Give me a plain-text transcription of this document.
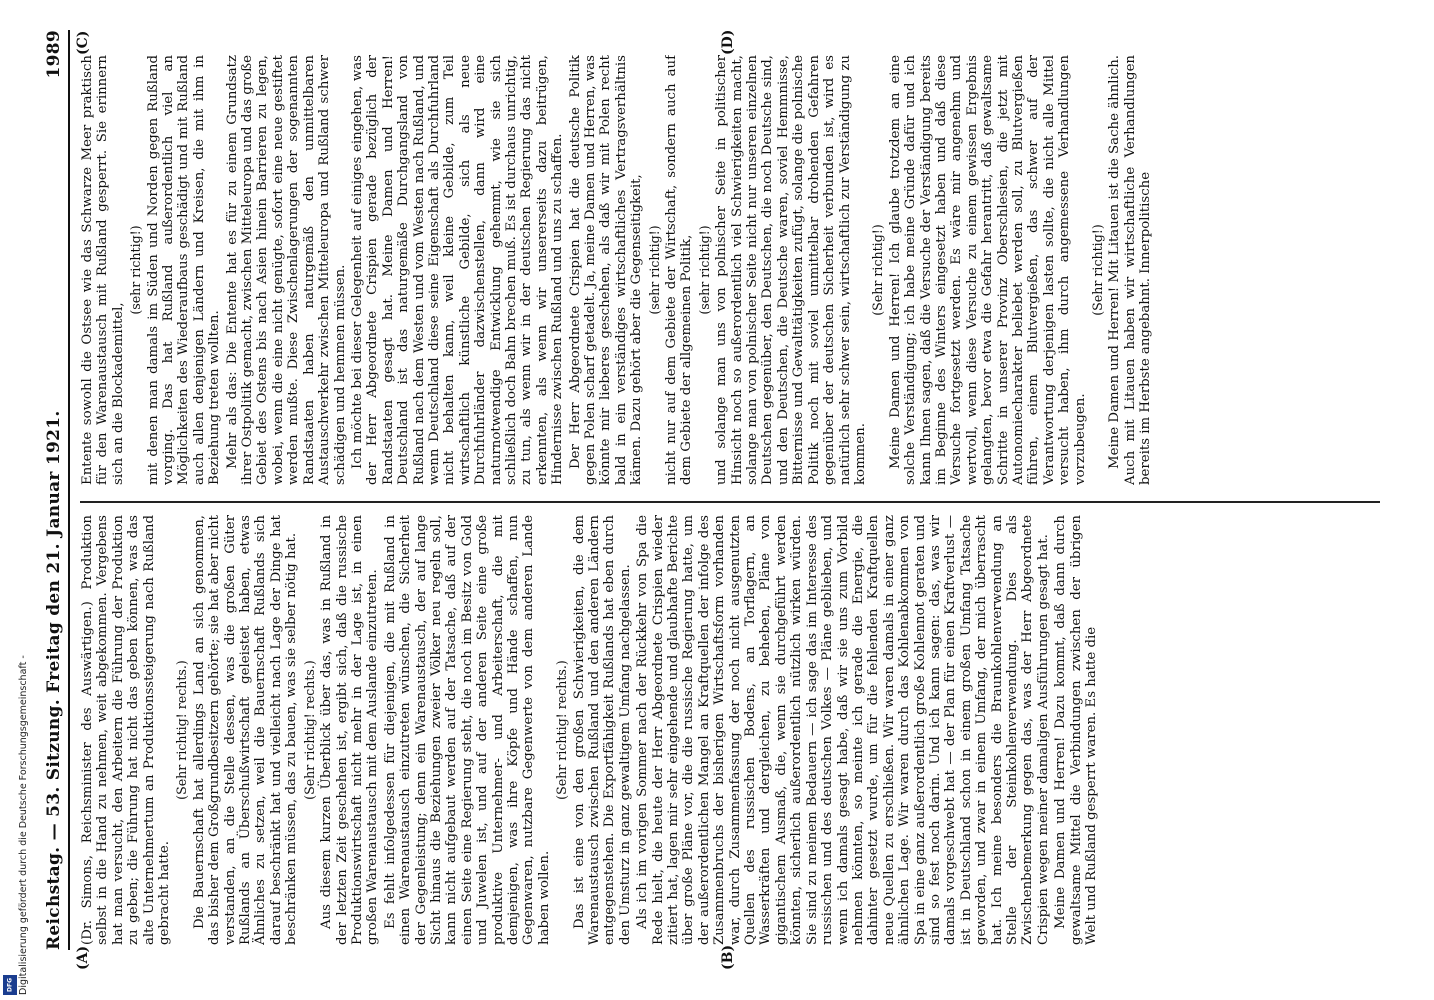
Reichstag. — 53. Sitzung. Freitag den 21. Januar 1921.
1989
(A)	(B)
(C)	(D)

(Dr. Simons, Reichsminister des Auswärtigen.) Produktion selbst in die Hand zu nehmen, weit abgekommen. Vergebens hat man versucht, den Arbeitern die Führung der Produktion zu geben; die Führung hat nicht das geben können, was das alte Unternehmertum an Produktionssteigerung nach Rußland gebracht hatte.

(Sehr richtig! rechts.) Die Bauernschaft hat allerdings Land an sich genommen, das bisher dem Großgrundbesitzern gehörte; sie hat aber nicht verstanden, an die Stelle dessen, was die großen Güter Rußlands an Überschußwirtschaft geleistet haben, etwas Ähnliches zu setzen, weil die Bauernschaft Rußlands sich darauf beschränkt hat und vielleicht nach Lage der Dinge hat beschränken müssen, das zu bauen, was sie selber nötig hat. (Sehr richtig! rechts.) Aus diesem kurzen Überblick über das, was in Rußland in der letzten Zeit geschehen ist, ergibt sich, daß die russische Produktionswirtschaft nicht mehr in der Lage ist, in einen großen Warenaustausch mit dem Auslande einzutreten. Es fehlt infolgedessen für diejenigen, die mit Rußland in einen Warenaustausch einzutreten wünschen, die Sicherheit der Gegenleistung; denn ein Warenaustausch, der auf lange Sicht hinaus die Beziehungen zweier Völker neu regeln soll, kann nicht aufgebaut werden auf der Tatsache, daß auf der einen Seite eine Regierung steht, die noch im Besitz von Gold und Juwelen ist, und auf der anderen Seite eine große produktive Unternehmer- und Arbeiterschaft, die mit demjenigen, was ihre Köpfe und Hände schaffen, nun Gegenwaren, nutzbare Gegenwerte von dem anderen Lande haben wollen.

(Sehr richtig! rechts.) Das ist eine von den großen Schwierigkeiten, die dem Warenaustausch zwischen Rußland und den anderen Ländern entgegenstehen. Die Exportfähigkeit Rußlands hat eben durch den Umsturz in ganz gewaltigem Umfang nachgelassen. Als ich im vorigen Sommer nach der Rückkehr von Spa die Rede hielt, die heute der Herr Abgeordnete Crispien wieder zitiert hat, lagen mir sehr eingehende und glaubhafte Berichte über große Pläne vor, die die russische Regierung hatte, um der außerordentlichen Mangel an Kraftquellen der infolge des Zusammenbruchs der bisherigen Wirtschaftsform vorhanden war, durch Zusammenfassung der noch nicht ausgenutzten Quellen des russischen Bodens, an Torflagern, an Wasserkräften und dergleichen, zu beheben, Pläne von gigantischem Ausmaß, die, wenn sie durchgeführt werden könnten, sicherlich außerordentlich nützlich wirken würden. Sie sind zu meinem Bedauern — ich sage das im Interesse des russischen und des deutschen Volkes — Pläne geblieben, und wenn ich damals gesagt habe, daß wir sie uns zum Vorbild nehmen könnten, so meinte ich gerade die Energie, die dahinter gesetzt wurde, um für die fehlenden Kraftquellen neue Quellen zu erschließen. Wir waren damals in einer ganz ähnlichen Lage. Wir waren durch das Kohlenabkommen von Spa in eine ganz außerordentlich große Kohlennot geraten und sind so fest noch darin. Und ich kann sagen: das, was wir damals vorgeschwebt hat — der Plan für einen Kraftverlust — ist in Deutschland schon in einem großen Umfang Tatsache geworden, und zwar in einem Umfang, der mich überrascht hat. Ich meine besonders die Braunkohlenverwendung an Stelle der Steinkohlenverwendung. Dies als Zwischenbemerkung gegen das, was der Herr Abgeordnete Crispien wegen meiner damaligen Ausführungen gesagt hat. Meine Damen und Herren! Dazu kommt, daß dann durch gewaltsame Mittel die Verbindungen zwischen der übrigen Welt und Rußland gesperrt waren. Es hatte die

Entente sowohl die Ostsee wie das Schwarze Meer praktisch für den Warenaustausch mit Rußland gesperrt. Sie erinnern sich an die Blockademittel,

(sehr richtig!) mit denen man damals im Süden und Norden gegen Rußland vorging. Das hat Rußland außerordentlich viel an Möglichkeiten des Wiederaufbaus geschädigt und mit Rußland auch allen denjenigen Ländern und Kreisen, die mit ihm in Beziehung treten wollten. Mehr als das: Die Entente hat es für zu einem Grundsatz ihrer Ostpolitik gemacht, zwischen Mitteleuropa und das große Gebiet des Ostens bis nach Asien hinein Barrieren zu legen, wobei, wenn die eine nicht genügte, sofort eine neue gestiftet werden mußte. Diese Zwischenlagerungen der sogenannten Randstaaten haben naturgemäß den unmittelbaren Austauschverkehr zwischen Mitteleuropa und Rußland schwer schädigen und hemmen müssen. Ich möchte bei dieser Gelegenheit auf einiges eingehen, was der Herr Abgeordnete Crispien gerade bezüglich der Randstaaten gesagt hat. Meine Damen und Herren! Deutschland ist das naturgemäße Durchgangsland von Rußland nach dem Westen und vom Westen nach Rußland, und wenn Deutschland diese seine Eigenschaft als Durchfuhrland nicht behalten kann, weil kleine Gebilde, zum Teil wirtschaftlich künstliche Gebilde, sich als neue Durchfuhrländer dazwischenstellen, dann wird eine naturnotwendige Entwicklung gehemmt, wie sie sich schließlich doch Bahn brechen muß. Es ist durchaus unrichtig, zu tun, als wenn wir in der deutschen Regierung das nicht erkennten, als wenn wir unsererseits dazu beitrügen, Hindernisse zwischen Rußland und uns zu schaffen. Der Herr Abgeordnete Crispien hat die deutsche Politik gegen Polen scharf getadelt. Ja, meine Damen und Herren, was könnte mir lieberes geschehen, als daß wir mit Polen recht bald in ein verständiges wirtschaftliches Vertragsverhältnis kämen. Dazu gehört aber die Gegenseitigkeit, (sehr richtig!) nicht nur auf dem Gebiete der Wirtschaft, sondern auch auf dem Gebiete der allgemeinen Politik, (sehr richtig!) und solange man uns von polnischer Seite in politischer Hinsicht noch so außerordentlich viel Schwierigkeiten macht, solange man von polnischer Seite nicht nur unseren einzelnen Deutschen gegenüber, den Deutschen, die noch Deutsche sind, und den Deutschen, die Deutsche waren, soviel Hemmnisse, Bitternisse und Gewalttätigkeiten zufügt, solange die polnische Politik noch mit soviel unmittelbar drohenden Gefahren gegenüber der deutschen Sicherheit verbunden ist, wird es natürlich sehr schwer sein, wirtschaftlich zur Verständigung zu kommen.

(Sehr richtig!) Meine Damen und Herren! Ich glaube trotzdem an eine solche Verständigung; ich habe meine Gründe dafür und ich kann Ihnen sagen, daß die Versuche der Verständigung bereits im Beginne des Winters eingesetzt haben und daß diese Versuche fortgesetzt werden. Es wäre mir angenehm und wertvoll, wenn diese Versuche zu einem gewissen Ergebnis gelangten, bevor etwa die Gefahr herantritt, daß gewaltsame Schritte in unserer Provinz Oberschlesien, die jetzt mit Autonomiecharakter beliebet werden soll, zu Blutvergießen führen, einem Blutvergießen, das schwer auf der Verantwortung derjenigen lasten sollte, die nicht alle Mittel versucht haben, ihm durch angemessene Verhandlungen vorzubeugen.

(Sehr richtig!) Meine Damen und Herren! Mit Litauen ist die Sache ähnlich. Auch mit Litauen haben wir wirtschaftliche Verhandlungen bereits im Herbste angebahnt. Innerpolitische

Digitalisierung gefördert durch die Deutsche Forschungsgemeinschaft -
DFG
